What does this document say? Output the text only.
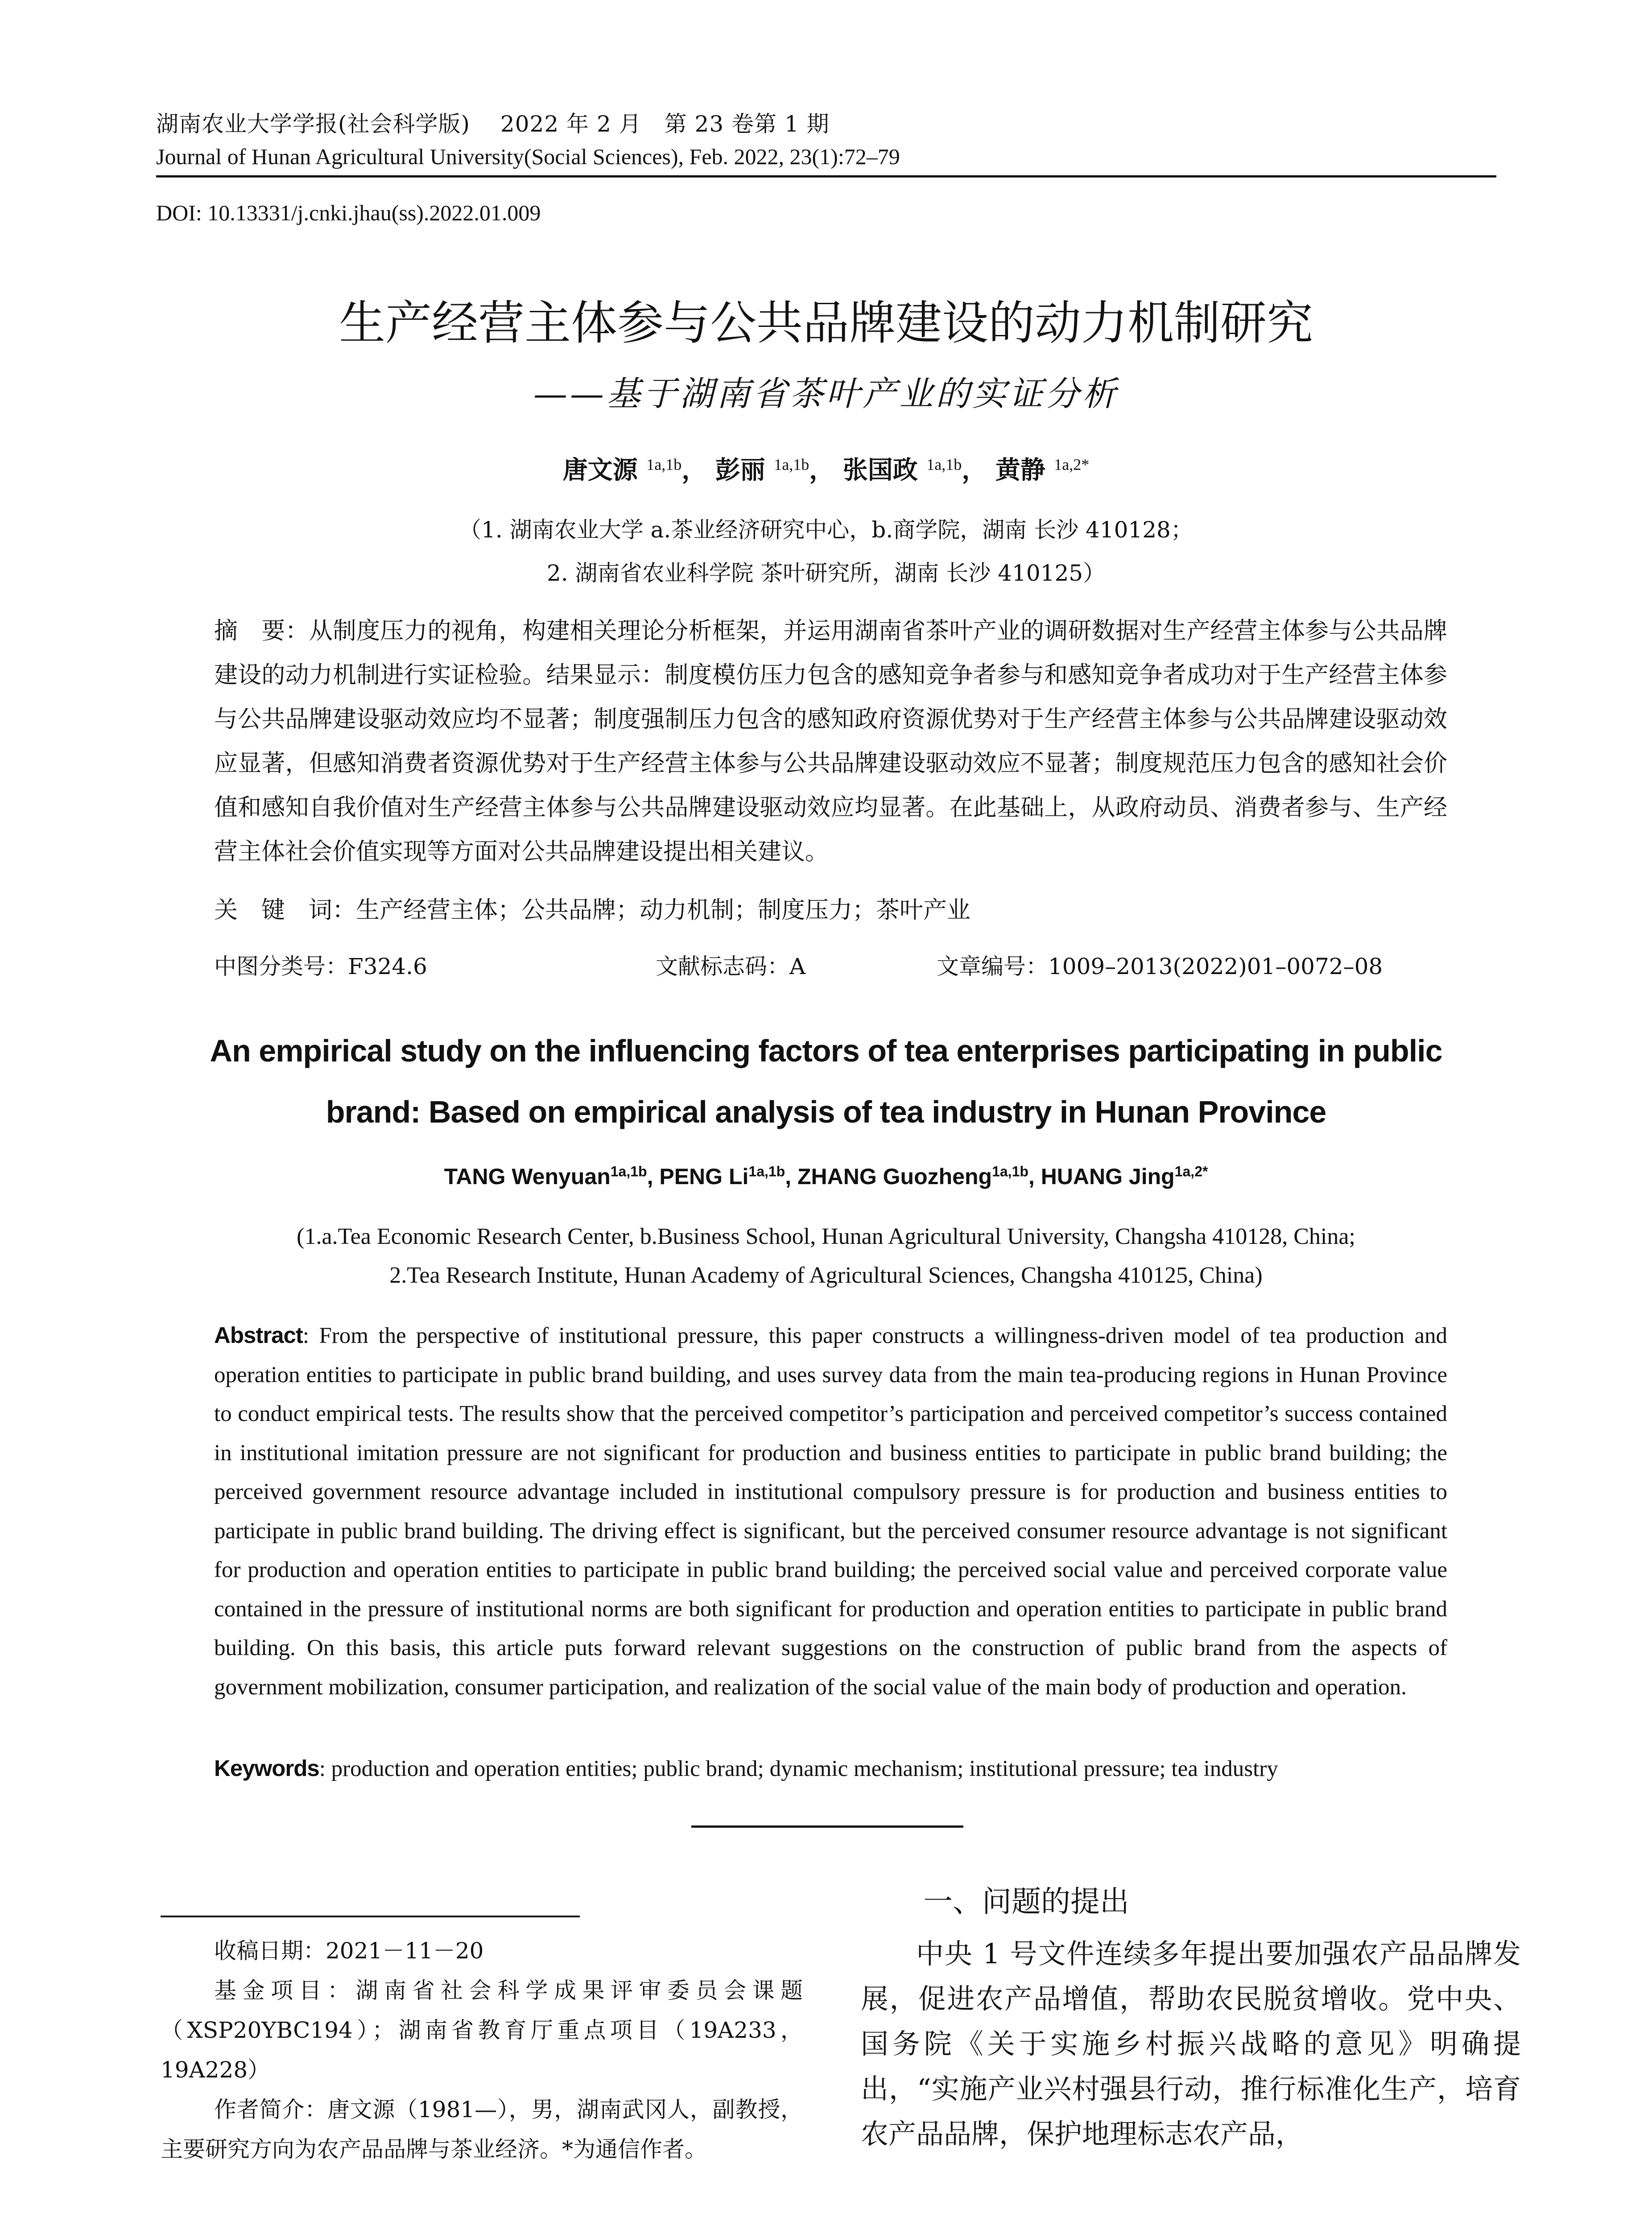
湖南农业大学学报(社会科学版)　 2022 年 2 月　第 23 卷第 1 期
Journal of Hunan Agricultural University(Social Sciences), Feb. 2022, 23(1):72–79
DOI: 10.13331/j.cnki.jhau(ss).2022.01.009
生产经营主体参与公共品牌建设的动力机制研究
——基于湖南省茶叶产业的实证分析
唐文源 $^{1a,1b}$， 彭丽 $^{1a,1b}$， 张国政 $^{1a,1b}$， 黄静 $^{1a,2*}$
（1. 湖南农业大学 a.茶业经济研究中心，b.商学院，湖南 长沙 410128；
2. 湖南省农业科学院 茶叶研究所，湖南 长沙 410125）
摘　要：从制度压力的视角，构建相关理论分析框架，并运用湖南省茶叶产业的调研数据对生产经营主体参与公共品牌建设的动力机制进行实证检验。结果显示：制度模仿压力包含的感知竞争者参与和感知竞争者成功对于生产经营主体参与公共品牌建设驱动效应均不显著；制度强制压力包含的感知政府资源优势对于生产经营主体参与公共品牌建设驱动效应显著，但感知消费者资源优势对于生产经营主体参与公共品牌建设驱动效应不显著；制度规范压力包含的感知社会价值和感知自我价值对生产经营主体参与公共品牌建设驱动效应均显著。在此基础上，从政府动员、消费者参与、生产经营主体社会价值实现等方面对公共品牌建设提出相关建议。
关　键　词：生产经营主体；公共品牌；动力机制；制度压力；茶叶产业
中图分类号：F324.6	文献标志码：A	文章编号：1009–2013(2022)01–0072–08
An empirical study on the influencing factors of tea enterprises participating in public brand: Based on empirical analysis of tea industry in Hunan Province
TANG Wenyuan$^{1a,1b}$, PENG $Li^{1a,1b}$, ZHANG Guozheng$^{1a,1b}$, HUANG Jing$^{1a,2*}$
(1.a.Tea Economic Research Center, b.Business School, Hunan Agricultural University, Changsha 410128, China;
2.Tea Research Institute, Hunan Academy of Agricultural Sciences, Changsha 410125, China)
Abstract: From the perspective of institutional pressure, this paper constructs a willingness-driven model of tea production and operation entities to participate in public brand building, and uses survey data from the main tea-producing regions in Hunan Province to conduct empirical tests. The results show that the perceived competitor’s participation and perceived competitor’s success contained in institutional imitation pressure are not significant for production and business entities to participate in public brand building; the perceived government resource advantage included in institutional compulsory pressure is for production and business entities to participate in public brand building. The driving effect is significant, but the perceived consumer resource advantage is not significant for production and operation entities to participate in public brand building; the perceived social value and perceived corporate value contained in the pressure of institutional norms are both significant for production and operation entities to participate in public brand building. On this basis, this article puts forward relevant suggestions on the construction of public brand from the aspects of government mobilization, consumer participation, and realization of the social value of the main body of production and operation.
Keywords: production and operation entities; public brand; dynamic mechanism; institutional pressure; tea industry

收稿日期：2021－11－20

基金项目：湖南省社会科学成果评审委员会课题（XSP20YBC194）；湖南省教育厅重点项目（19A233，19A228）

作者简介：唐文源（1981—），男，湖南武冈人，副教授，主要研究方向为农产品品牌与茶业经济。*为通信作者。

一、问题的提出
中央 1 号文件连续多年提出要加强农产品品牌发展，促进农产品增值，帮助农民脱贫增收。党中央、国务院《关于实施乡村振兴战略的意见》明确提出，“实施产业兴村强县行动，推行标准化生产，培育农产品品牌，保护地理标志农产品，
